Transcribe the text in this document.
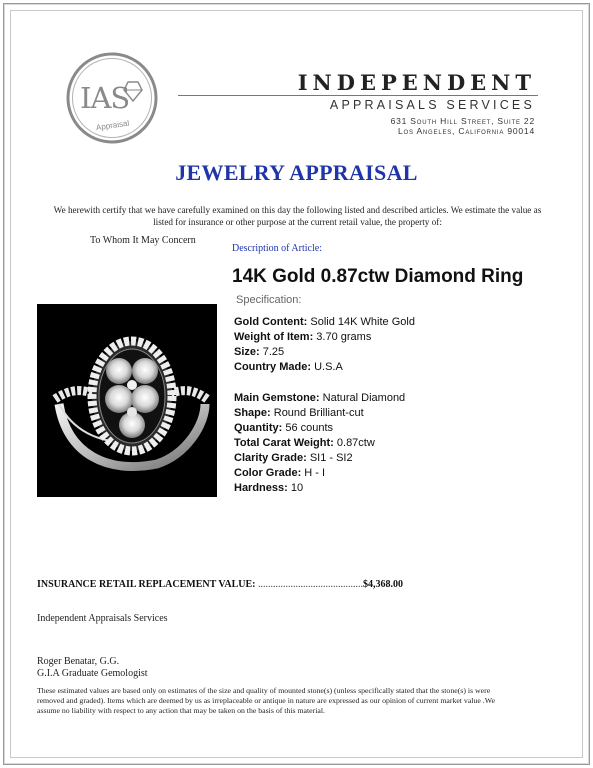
IAS
Appraisal
INDEPENDENT
APPRAISALS SERVICES
631 South Hill Street, Suite 22
Los Angeles, California 90014
JEWELRY APPRAISAL
We herewith certify that we have carefully examined on this day the following listed and described articles. We estimate the value as listed for insurance or other purpose at the current retail value, the property of:
To Whom It May Concern
Description of Article:
14K Gold 0.87ctw Diamond Ring
Specification:
Gold Content: Solid 14K White Gold
Weight of Item: 3.70 grams
Size: 7.25
Country Made: U.S.A
Main Gemstone: Natural Diamond
Shape: Round Brilliant-cut
Quantity: 56 counts
Total Carat Weight: 0.87ctw
Clarity Grade: SI1 - SI2
Color Grade: H - I
Hardness: 10
INSURANCE RETAIL REPLACEMENT VALUE: ..........................................$4,368.00
Independent Appraisals Services
Roger Benatar, G.G.
G.I.A Graduate Gemologist
These estimated values are based only on estimates of the size and quality of mounted stone(s) (unless specifically stated that the stone(s) is were removed and graded). Items which are deemed by us as irreplaceable or antique in nature are expressed as our opinion of current market value .We assume no liability with respect to any action that may be taken on the basis of this material.
